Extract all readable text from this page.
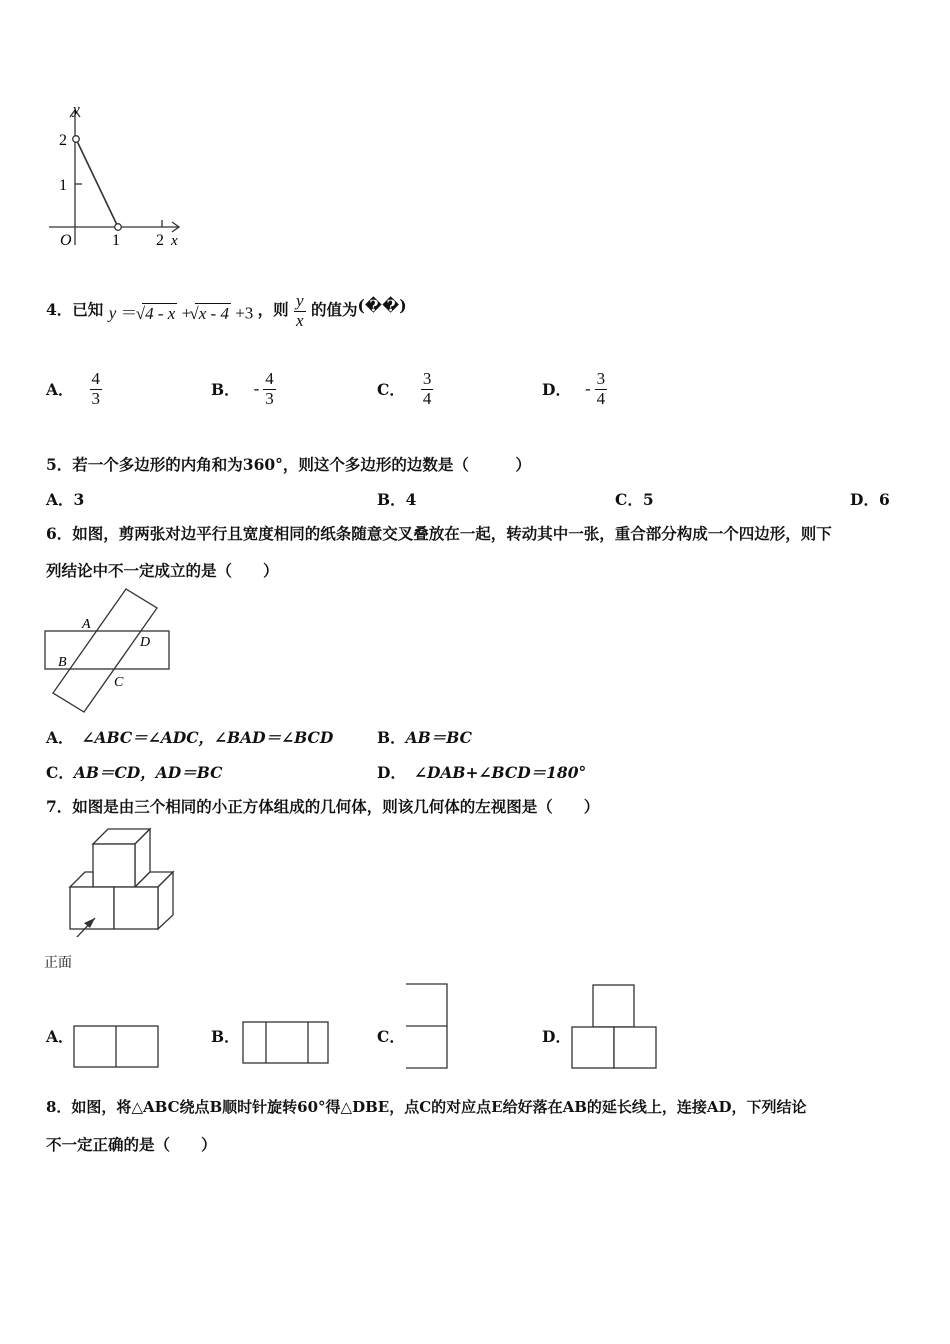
y
x
O
2
1
1 2
4．已知 y ＝ √4 - x + √x - 4 +3 ，则 $\frac{y}{x}$ 的值为(��)
A． $\frac{4}{3}$	B． - $\frac{4}{3}$	C． $\frac{3}{4}$	D． - $\frac{3}{4}$
5．若一个多边形的内角和为360°，则这个多边形的边数是（　　　）
A．3	B．4	C．5	D．6
6．如图，剪两张对边平行且宽度相同的纸条随意交叉叠放在一起，转动其中一张，重合部分构成一个四边形，则下
列结论中不一定成立的是（　　）
A
B
C
D
A． ∠ABC＝∠ADC，∠BAD＝∠BCD	B．AB＝BC
C．AB＝CD，AD＝BC	D． ∠DAB+∠BCD＝180°
7．如图是由三个相同的小正方体组成的几何体，则该几何体的左视图是（　　）
正面
A．	B．	C．	D．
8．如图，将△ABC绕点B顺时针旋转60°得△DBE，点C的对应点E给好落在AB的延长线上，连接AD，下列结论
不一定正确的是（　　）
